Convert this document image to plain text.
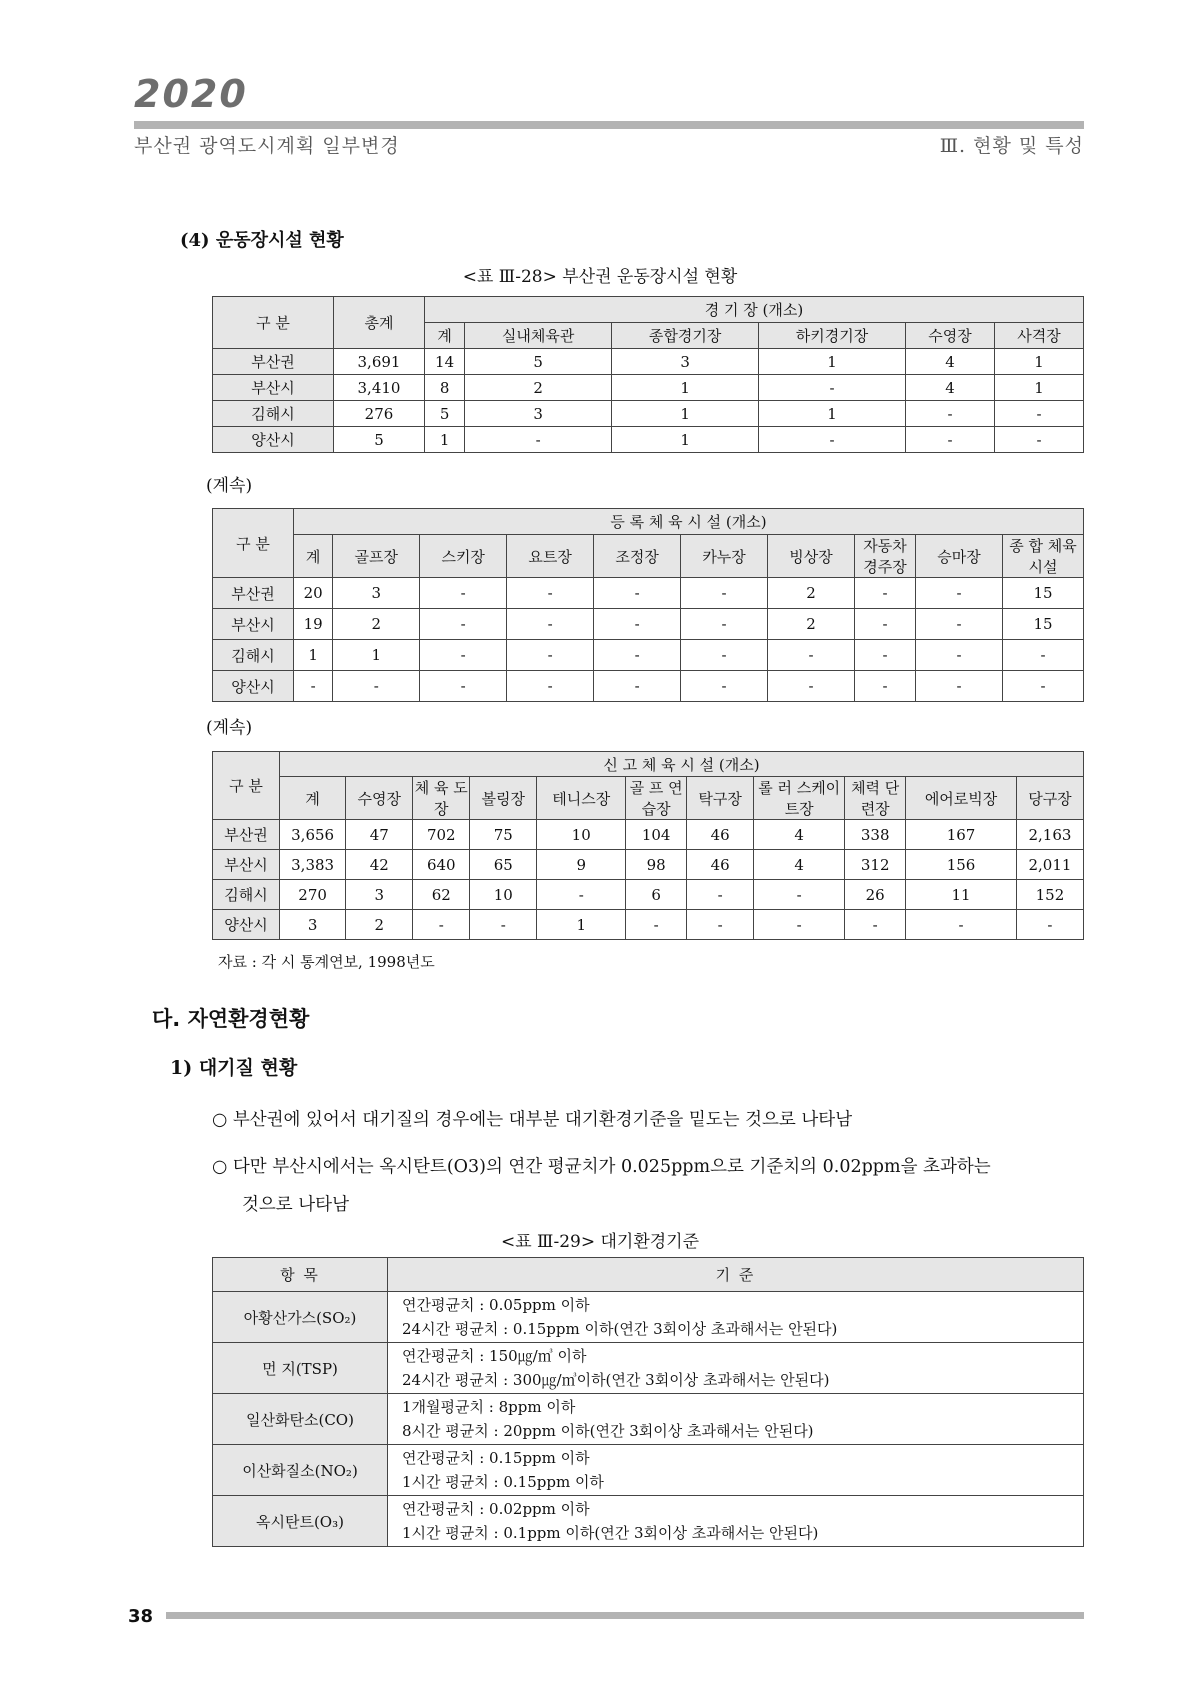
2020
부산권 광역도시계획 일부변경	Ⅲ. 현황 및 특성
(4) 운동장시설 현황
<표 Ⅲ-28> 부산권 운동장시설 현황
구 분	총계	경 기 장 (개소)					
		계	실내체육관	종합경기장	하키경기장	수영장	사격장
부산권	3,691	14	5	3	1	4	1
부산시	3,410	8	2	1	-	4	1
김해시	276	5	3	1	1	-	-
양산시	5	1	-	1	-	-	-
(계속)
구 분	등 록 체 육 시 설 (개소)									
	계	골프장	스키장	요트장	조정장	카누장	빙상장	자동차 경주장	승마장	종 합 체육시설
부산권	20	3	-	-	-	-	2	-	-	15
부산시	19	2	-	-	-	-	2	-	-	15
김해시	1	1	-	-	-	-	-	-	-	-
양산시	-	-	-	-	-	-	-	-	-	-
(계속)
구 분	신 고 체 육 시 설 (개소)										
	계	수영장	체 육 도 장	볼링장	테니스장	골 프 연습장	탁구장	롤 러 스케이트장	체력 단련장	에어로빅장	당구장
부산권	3,656	47	702	75	10	104	46	4	338	167	2,163
부산시	3,383	42	640	65	9	98	46	4	312	156	2,011
김해시	270	3	62	10	-	6	-	-	26	11	152
양산시	3	2	-	-	1	-	-	-	-	-	-
자료 : 각 시 통계연보, 1998년도
다. 자연환경현황
1) 대기질 현황
○ 부산권에 있어서 대기질의 경우에는 대부분 대기환경기준을 밑도는 것으로 나타남
○ 다만 부산시에서는 옥시탄트(O3)의 연간 평균치가 0.025ppm으로 기준치의 0.02ppm을 초과하는
것으로 나타남
<표 Ⅲ-29> 대기환경기준
항 목	기 준
아황산가스(SO₂)	연간평균치 : 0.05ppm 이하
24시간 평균치 : 0.15ppm 이하(연간 3회이상 초과해서는 안된다)

먼 지(TSP)	연간평균치 : 150㎍/㎥ 이하
24시간 평균치 : 300㎍/㎥이하(연간 3회이상 초과해서는 안된다)

일산화탄소(CO)	1개월평균치 : 8ppm 이하
8시간 평균치 : 20ppm 이하(연간 3회이상 초과해서는 안된다)

이산화질소(NO₂)	연간평균치 : 0.15ppm 이하
1시간 평균치 : 0.15ppm 이하

옥시탄트(O₃)	연간평균치 : 0.02ppm 이하
1시간 평균치 : 0.1ppm 이하(연간 3회이상 초과해서는 안된다)
38
